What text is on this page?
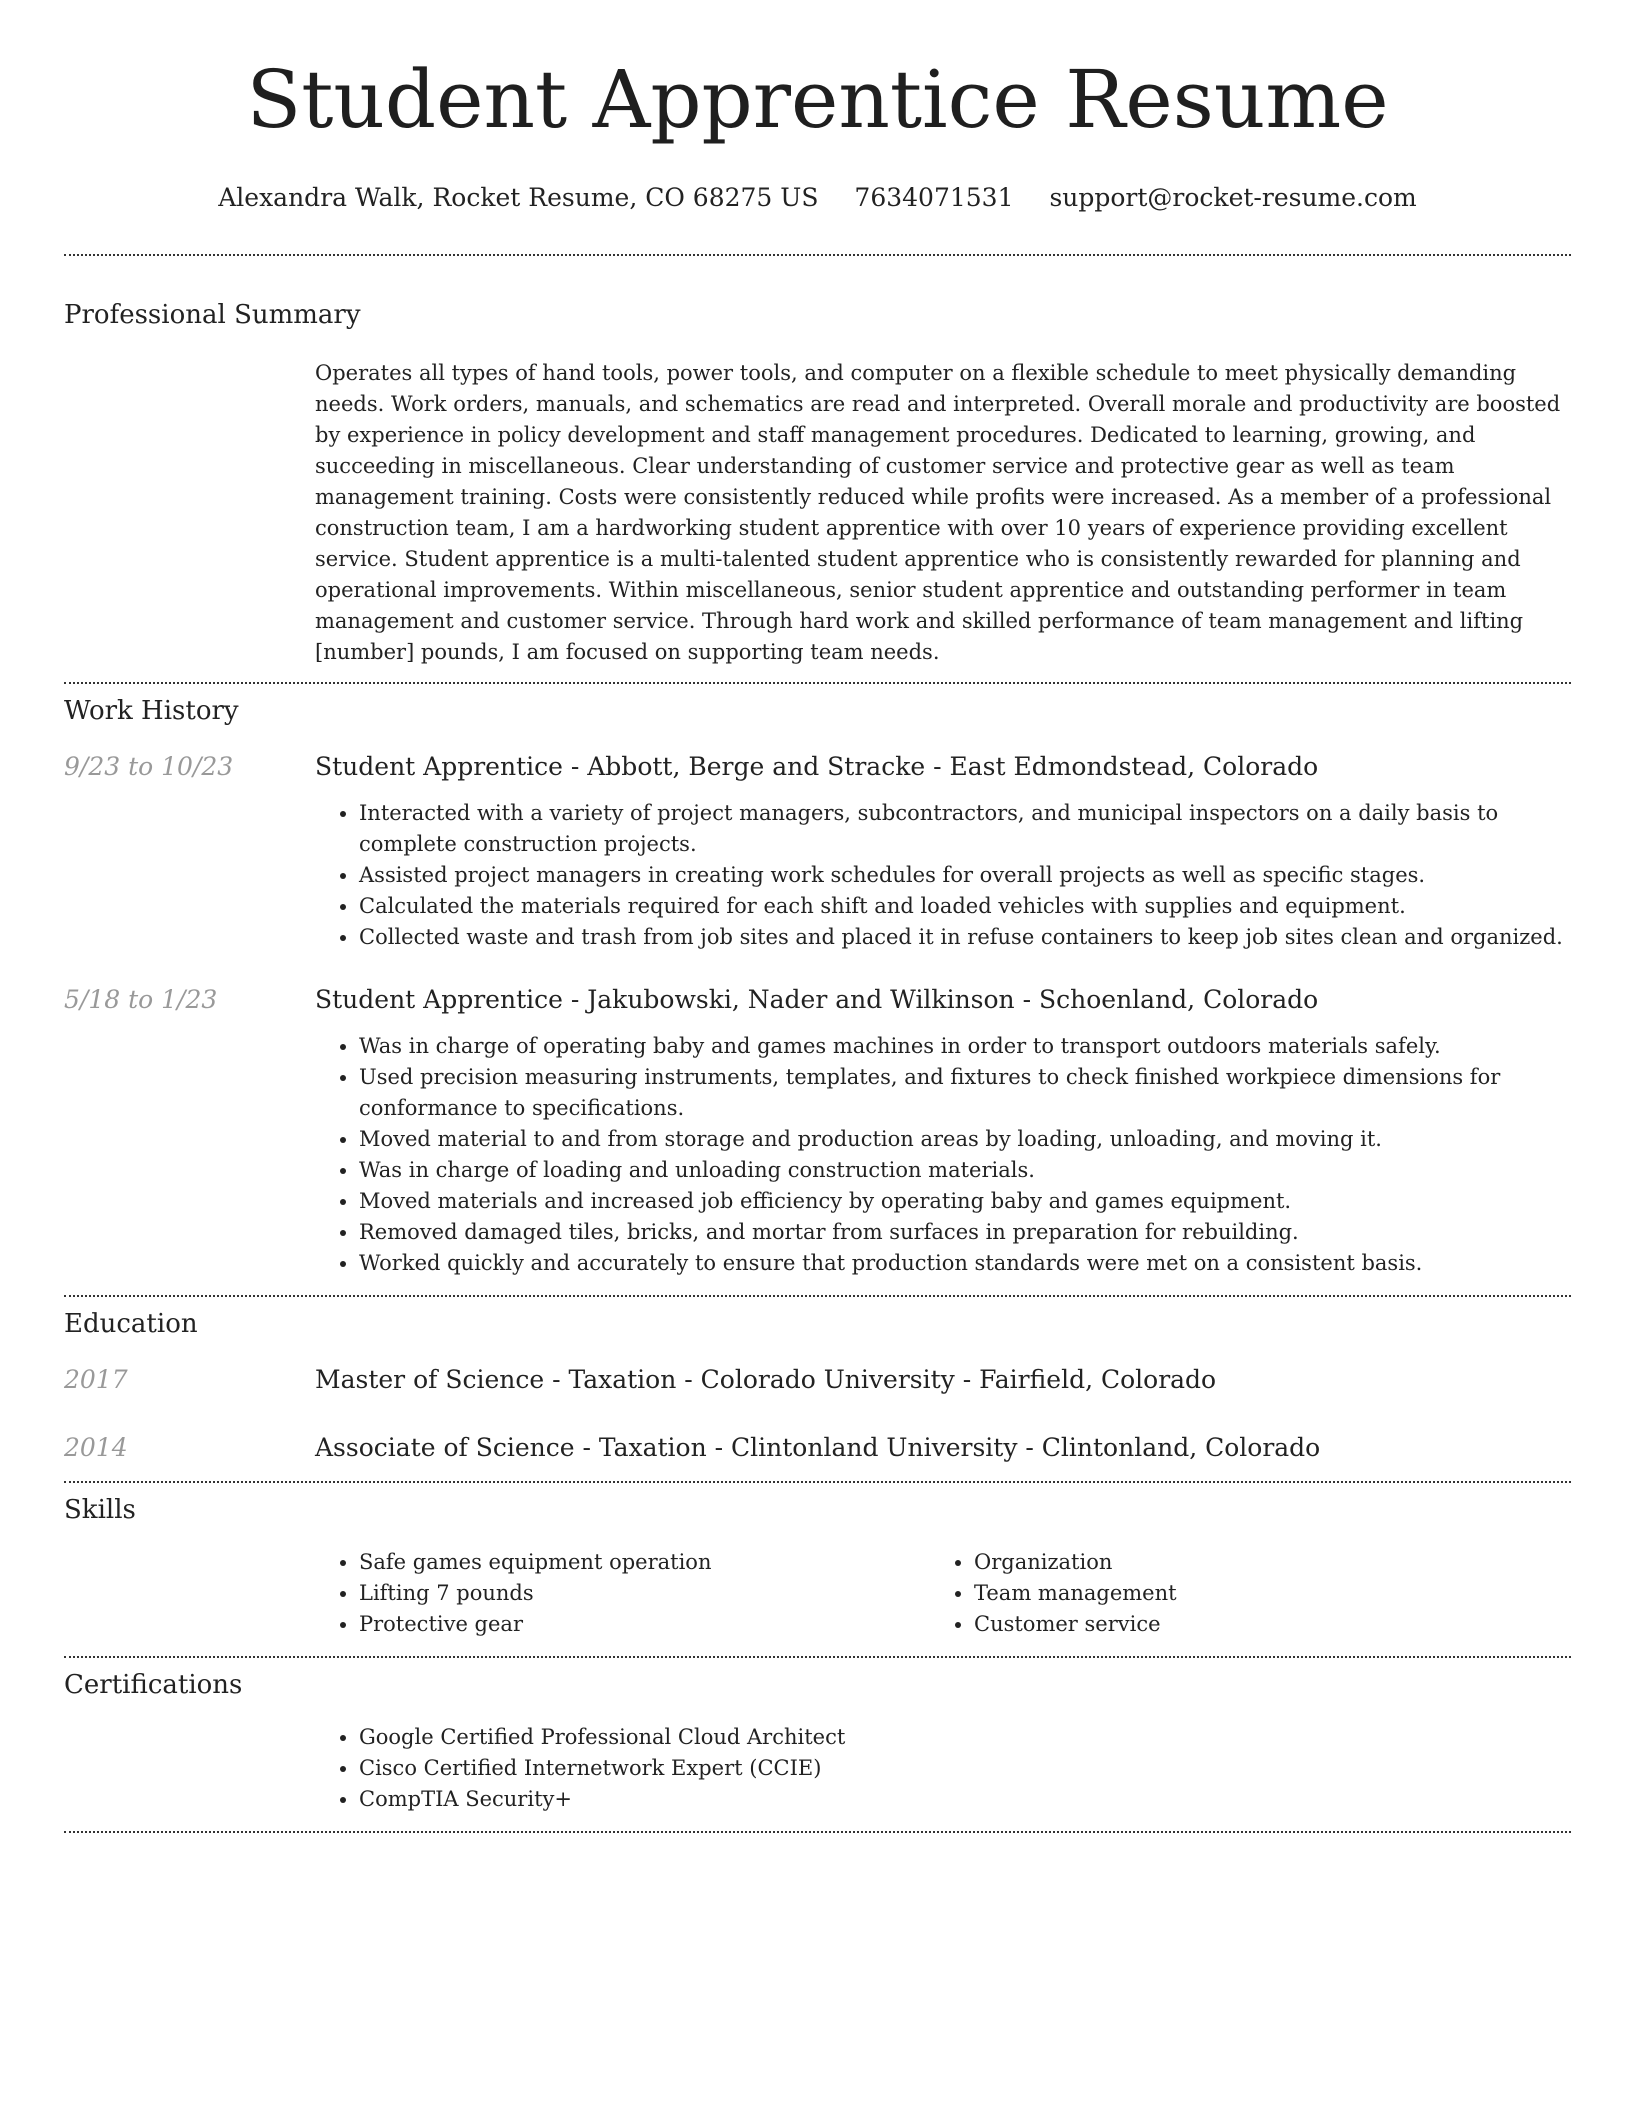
Student Apprentice Resume
Alexandra Walk, Rocket Resume, CO 68275 US 7634071531 support@rocket-resume.com
Professional Summary
Operates all types of hand tools, power tools, and computer on a flexible schedule to meet physically demanding needs. Work orders, manuals, and schematics are read and interpreted. Overall morale and productivity are boosted by experience in policy development and staff management procedures. Dedicated to learning, growing, and succeeding in miscellaneous. Clear understanding of customer service and protective gear as well as team management training. Costs were consistently reduced while profits were increased. As a member of a professional construction team, I am a hardworking student apprentice with over 10 years of experience providing excellent service. Student apprentice is a multi-talented student apprentice who is consistently rewarded for planning and operational improvements. Within miscellaneous, senior student apprentice and outstanding performer in team management and customer service. Through hard work and skilled performance of team management and lifting [number] pounds, I am focused on supporting team needs.
Work History
9/23 to 10/23	Student Apprentice - Abbott, Berge and Stracke - East Edmondstead, Colorado
• Interacted with a variety of project managers, subcontractors, and municipal inspectors on a daily basis to complete construction projects.
• Assisted project managers in creating work schedules for overall projects as well as specific stages.
• Calculated the materials required for each shift and loaded vehicles with supplies and equipment.
• Collected waste and trash from job sites and placed it in refuse containers to keep job sites clean and organized.
5/18 to 1/23	Student Apprentice - Jakubowski, Nader and Wilkinson - Schoenland, Colorado
• Was in charge of operating baby and games machines in order to transport outdoors materials safely.
• Used precision measuring instruments, templates, and fixtures to check finished workpiece dimensions for conformance to specifications.
• Moved material to and from storage and production areas by loading, unloading, and moving it.
• Was in charge of loading and unloading construction materials.
• Moved materials and increased job efficiency by operating baby and games equipment.
• Removed damaged tiles, bricks, and mortar from surfaces in preparation for rebuilding.
• Worked quickly and accurately to ensure that production standards were met on a consistent basis.
Education
2017	Master of Science - Taxation - Colorado University - Fairfield, Colorado
2014	Associate of Science - Taxation - Clintonland University - Clintonland, Colorado
Skills
• Safe games equipment operation
• Lifting 7 pounds
• Protective gear
• Organization
• Team management
• Customer service
Certifications
• Google Certified Professional Cloud Architect
• Cisco Certified Internetwork Expert (CCIE)
• CompTIA Security+
